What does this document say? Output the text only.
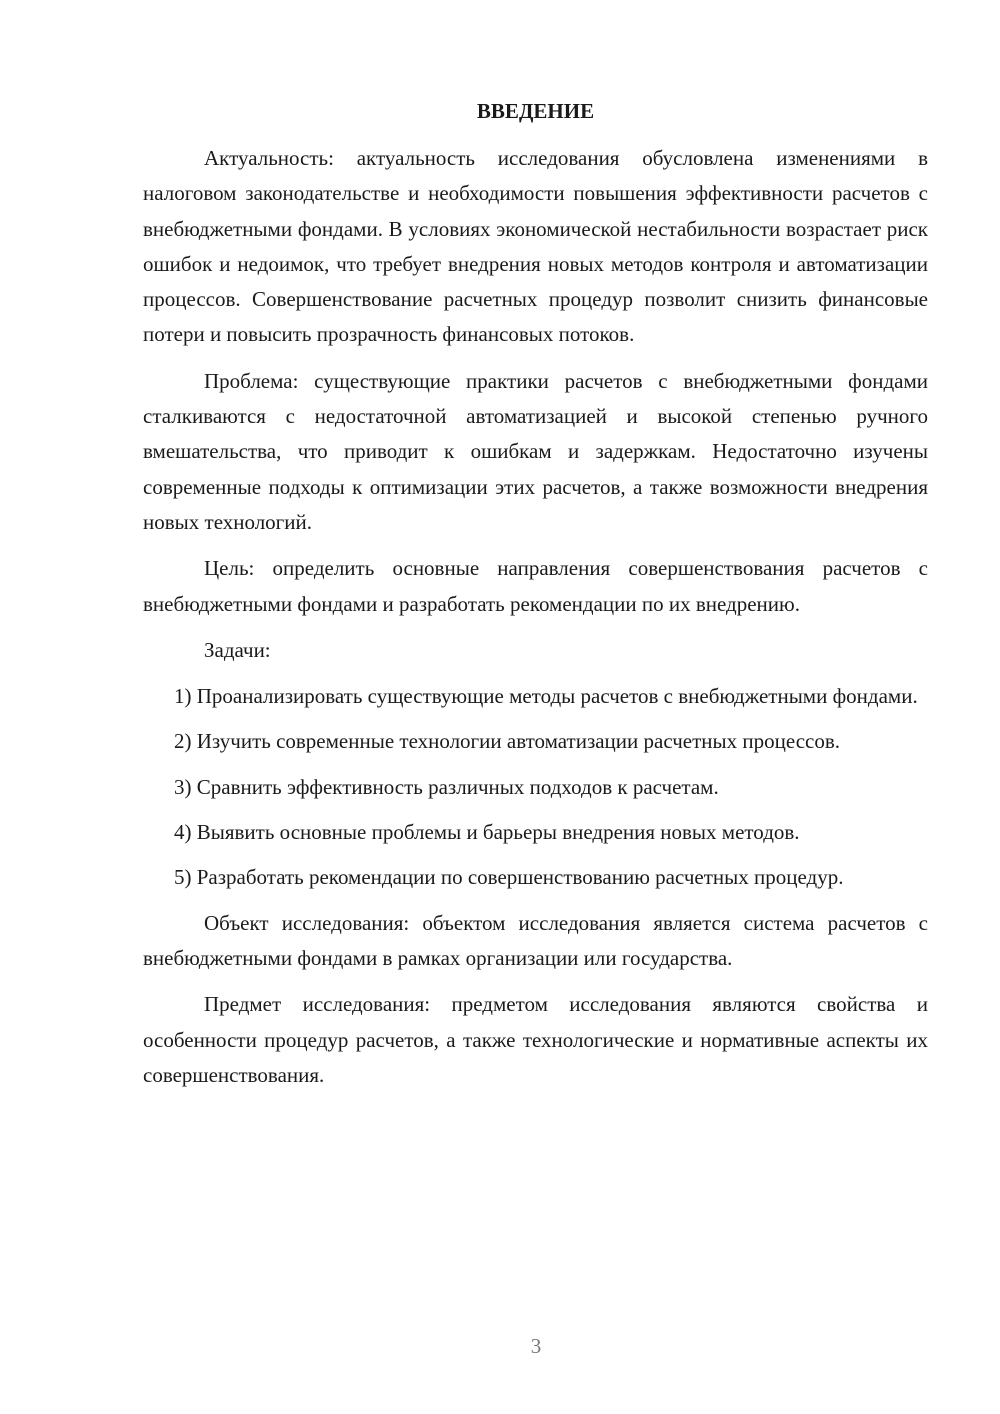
ВВЕДЕНИЕ

Актуальность: актуальность исследования обусловлена изменениями в налоговом законодательстве и необходимости повышения эффективности расчетов с внебюджетными фондами. В условиях экономической нестабильности возрастает риск ошибок и недоимок, что требует внедрения новых методов контроля и автоматизации процессов. Совершенствование расчетных процедур позволит снизить финансовые потери и повысить прозрачность финансовых потоков.

Проблема: существующие практики расчетов с внебюджетными фондами сталкиваются с недостаточной автоматизацией и высокой степенью ручного вмешательства, что приводит к ошибкам и задержкам. Недостаточно изучены современные подходы к оптимизации этих расчетов, а также возможности внедрения новых технологий.

Цель: определить основные направления совершенствования расчетов с внебюджетными фондами и разработать рекомендации по их внедрению.

Задачи:

1) Проанализировать существующие методы расчетов с внебюджетными фондами.

2) Изучить современные технологии автоматизации расчетных процессов.

3) Сравнить эффективность различных подходов к расчетам.

4) Выявить основные проблемы и барьеры внедрения новых методов.

5) Разработать рекомендации по совершенствованию расчетных процедур.

Объект исследования: объектом исследования является система расчетов с внебюджетными фондами в рамках организации или государства.

Предмет исследования: предметом исследования являются свойства и особенности процедур расчетов, а также технологические и нормативные аспекты их совершенствования.

3
